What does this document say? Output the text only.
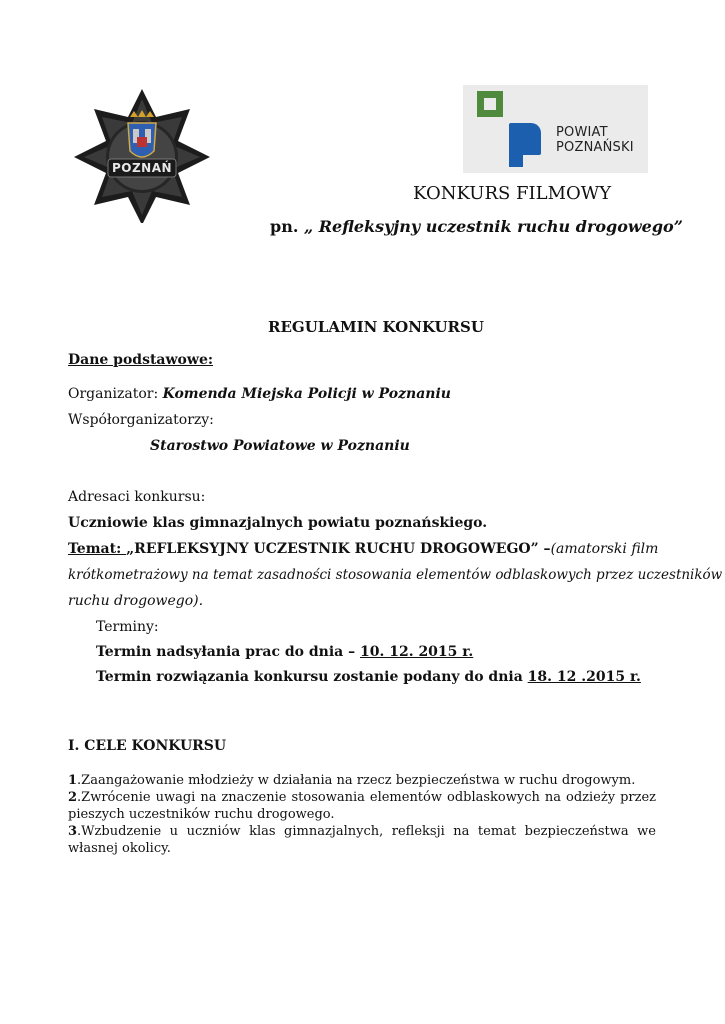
POZNAŃ
POWIAT
POZNAŃSKI
KONKURS FILMOWY
pn. „ Refleksyjny uczestnik ruchu drogowego”
REGULAMIN KONKURSU
Dane podstawowe:
Organizator: Komenda Miejska Policji w Poznaniu
Współorganizatorzy:
Starostwo Powiatowe w Poznaniu
Adresaci konkursu:
Uczniowie klas gimnazjalnych powiatu poznańskiego.
Temat: „REFLEKSYJNY UCZESTNIK RUCHU DROGOWEGO” –(amatorski film
krótkometrażowy na temat zasadności stosowania elementów odblaskowych przez uczestników
ruchu drogowego).
Terminy:
Termin nadsyłania prac do dnia – 10. 12. 2015 r.
Termin rozwiązania konkursu zostanie podany do dnia 18. 12 .2015 r.
I. CELE KONKURSU
1.Zaangażowanie młodzieży w działania na rzecz bezpieczeństwa w ruchu drogowym.
2.Zwrócenie uwagi na znaczenie stosowania elementów odblaskowych na odzieży przez pieszych uczestników ruchu drogowego.
3.Wzbudzenie u uczniów klas gimnazjalnych, refleksji na temat bezpieczeństwa we własnej okolicy.
